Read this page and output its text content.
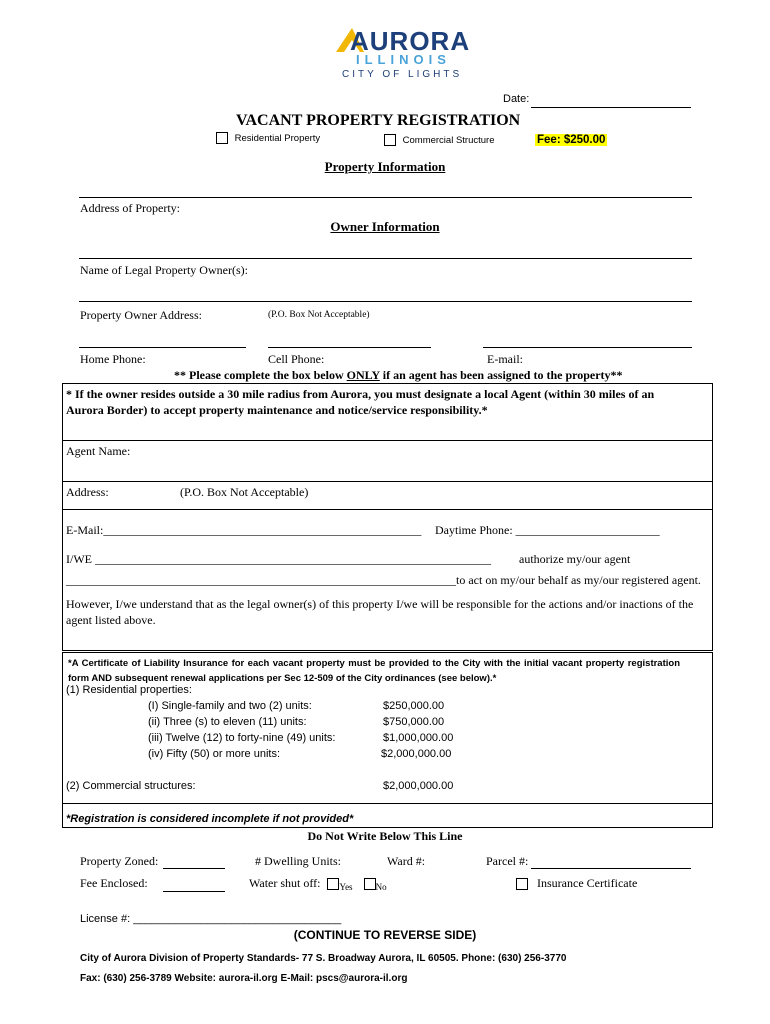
AURORA
ILLINOIS
CITY OF LIGHTS
Date:
VACANT PROPERTY REGISTRATION
Residential Property	Commercial Structure	Fee: $250.00
Property Information
Address of Property:
Owner Information
Name of Legal Property Owner(s):
Property Owner Address:	(P.O. Box Not Acceptable)
Home Phone:	Cell Phone:	E-mail:
** Please complete the box below ONLY if an agent has been assigned to the property**
* If the owner resides outside a 30 mile radius from Aurora, you must designate a local Agent (within 30 miles of an Aurora Border) to accept property maintenance and notice/service responsibility.*
Agent Name:
Address:	(P.O. Box Not Acceptable)
E-Mail:_____________________________________________________ Daytime Phone: ________________________
I/WE __________________________________________________________________ authorize my/our agent
_________________________________________________________________ to act on my/our behalf as my/our registered agent.
However, I/we understand that as the legal owner(s) of this property I/we will be responsible for the actions and/or inactions of the agent listed above.
*A Certificate of Liability Insurance for each vacant property must be provided to the City with the initial vacant property registration form AND subsequent renewal applications per Sec 12-509 of the City ordinances (see below).*
(1) Residential properties:
(I) Single-family and two (2) units:	$250,000.00
(ii) Three (s) to eleven (11) units:	$750,000.00
(iii) Twelve (12) to forty-nine (49) units:	$1,000,000.00
(iv) Fifty (50) or more units:	$2,000,000.00
(2) Commercial structures:	$2,000,000.00
*Registration is considered incomplete if not provided*
Do Not Write Below This Line
Property Zoned:	# Dwelling Units:	Ward #:	Parcel #:
Fee Enclosed:	Water shut off: $_{Yes}$	$_{No}$	Insurance Certificate
License #: __________________________________
(CONTINUE TO REVERSE SIDE)
City of Aurora Division of Property Standards- 77 S. Broadway Aurora, IL 60505. Phone: (630) 256-3770
Fax: (630) 256-3789 Website: aurora-il.org E-Mail: pscs@aurora-il.org
